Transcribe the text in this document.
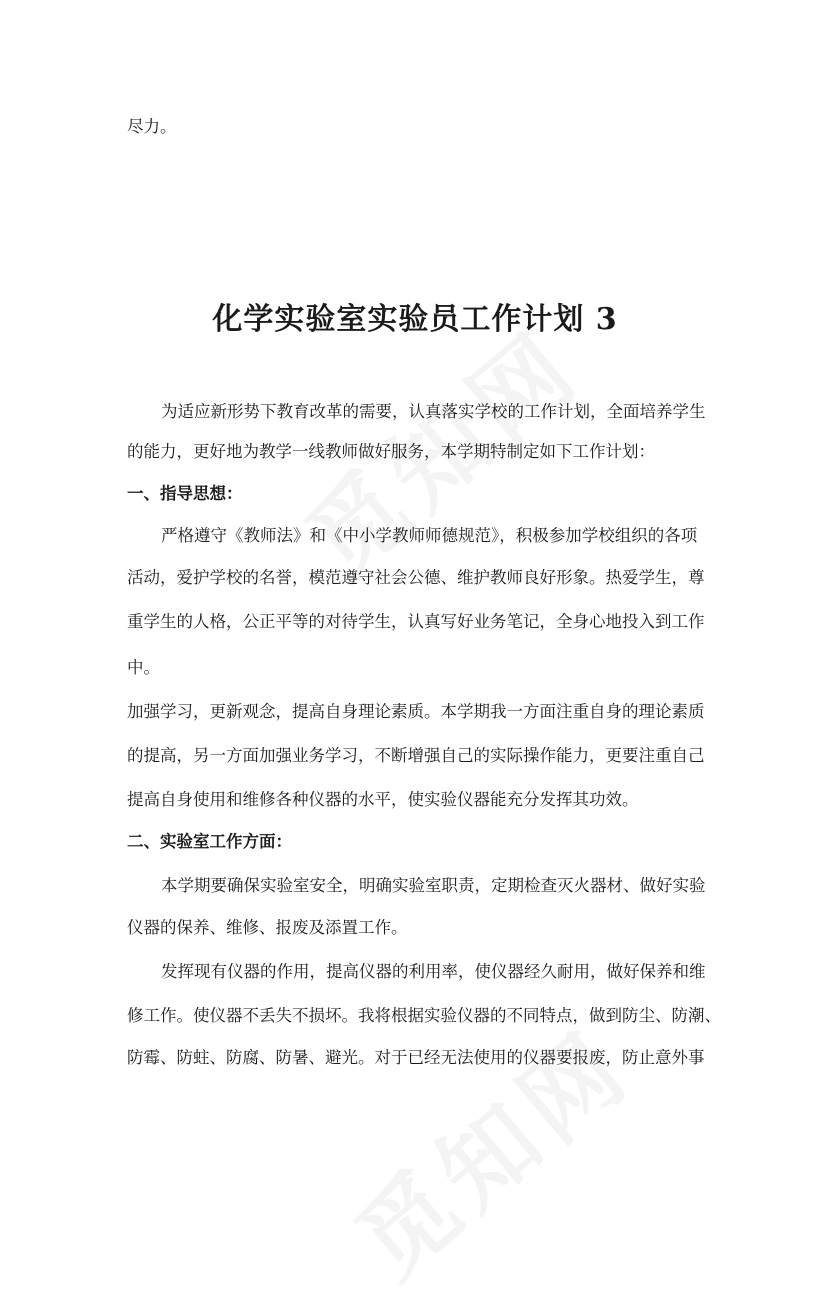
尽力。
化学实验室实验员工作计划 3
为适应新形势下教育改革的需要，认真落实学校的工作计划，全面培养学生
的能力，更好地为教学一线教师做好服务，本学期特制定如下工作计划：
一、指导思想：
严格遵守《教师法》和《中小学教师师德规范》，积极参加学校组织的各项
活动，爱护学校的名誉，模范遵守社会公德、维护教师良好形象。热爱学生，尊
重学生的人格，公正平等的对待学生，认真写好业务笔记，全身心地投入到工作
中。
加强学习，更新观念，提高自身理论素质。本学期我一方面注重自身的理论素质
的提高，另一方面加强业务学习，不断增强自己的实际操作能力，更要注重自己
提高自身使用和维修各种仪器的水平，使实验仪器能充分发挥其功效。
二、实验室工作方面：
本学期要确保实验室安全，明确实验室职责，定期检查灭火器材、做好实验
仪器的保养、维修、报废及添置工作。
发挥现有仪器的作用，提高仪器的利用率，使仪器经久耐用，做好保养和维
修工作。使仪器不丢失不损坏。我将根据实验仪器的不同特点，做到防尘、防潮、
防霉、防蛀、防腐、防暑、避光。对于已经无法使用的仪器要报废，防止意外事
